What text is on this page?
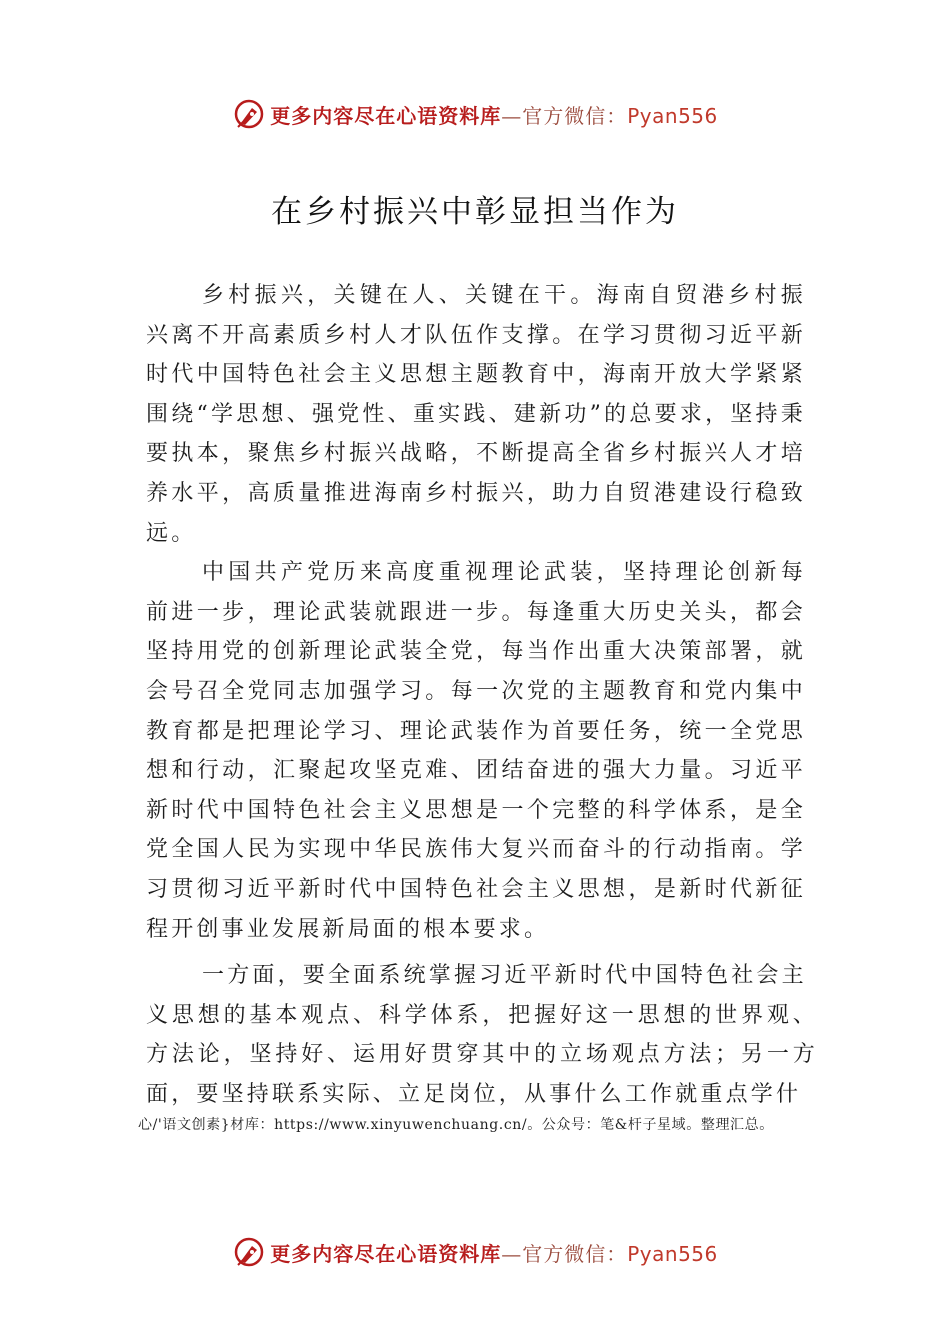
更多内容尽在心语资料库—官方微信：Pyan556
在乡村振兴中彰显担当作为

乡村振兴，关键在人、关键在干。海南自贸港乡村振兴离不开高素质乡村人才队伍作支撑。在学习贯彻习近平新时代中国特色社会主义思想主题教育中，海南开放大学紧紧围绕“学思想、强党性、重实践、建新功”的总要求，坚持秉要执本，聚焦乡村振兴战略，不断提高全省乡村振兴人才培养水平，高质量推进海南乡村振兴，助力自贸港建设行稳致远。

中国共产党历来高度重视理论武装，坚持理论创新每前进一步，理论武装就跟进一步。每逢重大历史关头，都会坚持用党的创新理论武装全党，每当作出重大决策部署，就会号召全党同志加强学习。每一次党的主题教育和党内集中教育都是把理论学习、理论武装作为首要任务，统一全党思想和行动，汇聚起攻坚克难、团结奋进的强大力量。习近平新时代中国特色社会主义思想是一个完整的科学体系，是全党全国人民为实现中华民族伟大复兴而奋斗的行动指南。学习贯彻习近平新时代中国特色社会主义思想，是新时代新征程开创事业发展新局面的根本要求。

一方面，要全面系统掌握习近平新时代中国特色社会主

义思想的基本观点、科学体系，把握好这一思想的世界观、 方法论，坚持好、运用好贯穿其中的立场观点方法；另一方面，要坚持联系实际、立足岗位，从事什么工作就重点学什

心/'语文创素}材库：https://www.xinyuwenchuang.cn/。公众号：笔&杆子星域。整理汇总。
更多内容尽在心语资料库—官方微信：Pyan556
